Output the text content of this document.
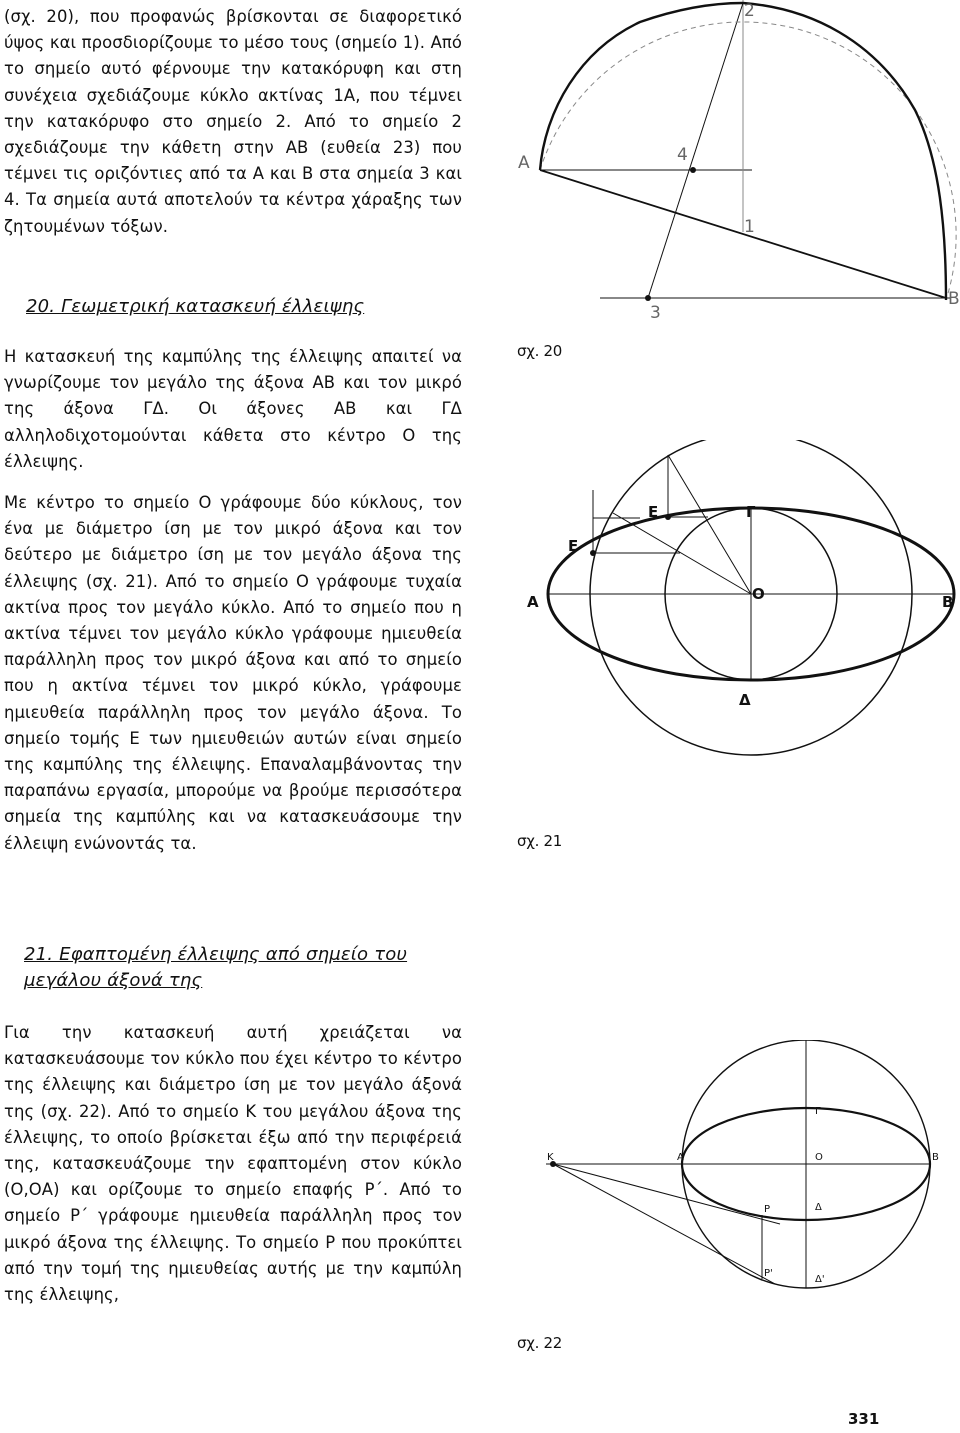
(σχ. 20), που προφανώς βρίσκονται σε διαφορετικό ύψος και προσδιορίζουμε το μέσο τους (σημείο 1). Από το σημείο αυτό φέρνουμε την κατακόρυφη και στη συνέχεια σχεδιάζουμε κύκλο ακτίνας 1Α, που τέμνει την κατακόρυφο στο σημείο 2. Από το σημείο 2 σχεδιάζουμε την κάθετη στην ΑΒ (ευθεία 23) που τέμνει τις οριζόντιες από τα Α και Β στα σημεία 3 και 4. Τα σημεία αυτά αποτελούν τα κέντρα χάραξης των ζητουμένων τόξων.
20. Γεωμετρική κατασκευή έλλειψης
Η κατασκευή της καμπύλης της έλλειψης απαιτεί να γνωρίζουμε τον μεγάλο της άξονα ΑΒ και τον μικρό της άξονα ΓΔ. Οι άξονες ΑΒ και ΓΔ αλληλοδιχοτομούνται κάθετα στο κέντρο Ο της έλλειψης.
Με κέντρο το σημείο Ο γράφουμε δύο κύκλους, τον ένα με διάμετρο ίση με τον μικρό άξονα και τον δεύτερο με διάμετρο ίση με τον μεγάλο άξονα της έλλειψης (σχ. 21). Από το σημείο Ο γράφουμε τυχαία ακτίνα προς τον μεγάλο κύκλο. Από το σημείο που η ακτίνα τέμνει τον μεγάλο κύκλο γράφουμε ημιευθεία παράλληλη προς τον μικρό άξονα και από το σημείο που η ακτίνα τέμνει τον μικρό κύκλο, γράφουμε ημιευθεία παράλληλη προς τον μεγάλο άξονα. Το σημείο τομής Ε των ημιευθειών αυτών είναι σημείο της καμπύλης της έλλειψης. Επαναλαμβάνοντας την παραπάνω εργασία, μπορούμε να βρούμε περισσότερα σημεία της καμπύλης και να κατασκευάσουμε την έλλειψη ενώνοντάς τα.
21. Εφαπτομένη έλλειψης από σημείο του
μεγάλου άξονά της
Για την κατασκευή αυτή χρειάζεται να κατασκευάσουμε τον κύκλο που έχει κέντρο το κέντρο της έλλειψης και διάμετρο ίση με τον μεγάλο άξονά της (σχ. 22). Από το σημείο Κ του μεγάλου άξονα της έλλειψης, το οποίο βρίσκεται έξω από την περιφέρειά της, κατασκευάζουμε την εφαπτομένη στον κύκλο (Ο,ΟΑ) και ορίζουμε το σημείο επαφής Ρ΄. Από το σημείο Ρ΄ γράφουμε ημιευθεία παράλληλη προς τον μικρό άξονα της έλλειψης. Το σημείο Ρ που προκύπτει από την τομή της ημιευθείας αυτής με την καμπύλη της έλλειψης,
Α
Β
1
2
3
4
σχ. 20
Α	Β
Γ
Δ
Ο
Ε
Ε
σχ. 21
Κ	Α	Ο	Β
Γ
Δ
Δ'
Ρ
Ρ'
σχ. 22
331
